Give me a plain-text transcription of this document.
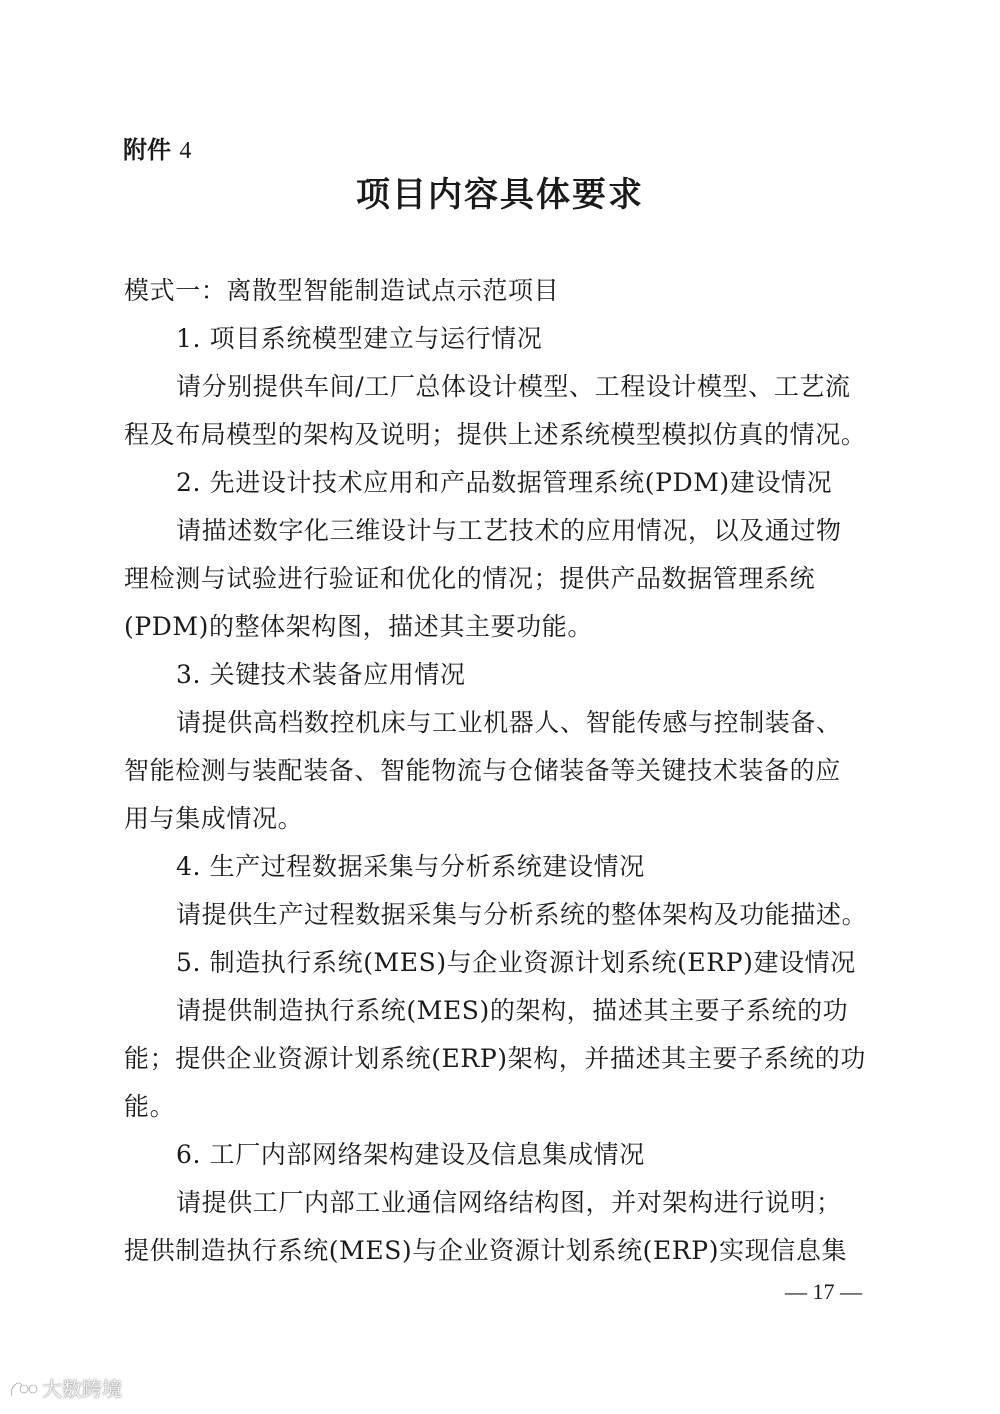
附件 4
项目内容具体要求
模式一：离散型智能制造试点示范项目
1. 项目系统模型建立与运行情况
请分别提供车间/工厂总体设计模型、工程设计模型、工艺流
程及布局模型的架构及说明；提供上述系统模型模拟仿真的情况。
2. 先进设计技术应用和产品数据管理系统(PDM)建设情况
请描述数字化三维设计与工艺技术的应用情况，以及通过物
理检测与试验进行验证和优化的情况；提供产品数据管理系统
(PDM)的整体架构图，描述其主要功能。
3. 关键技术装备应用情况
请提供高档数控机床与工业机器人、智能传感与控制装备、
智能检测与装配装备、智能物流与仓储装备等关键技术装备的应
用与集成情况。
4. 生产过程数据采集与分析系统建设情况
请提供生产过程数据采集与分析系统的整体架构及功能描述。
5. 制造执行系统(MES)与企业资源计划系统(ERP)建设情况
请提供制造执行系统(MES)的架构，描述其主要子系统的功
能；提供企业资源计划系统(ERP)架构，并描述其主要子系统的功
能。
6. 工厂内部网络架构建设及信息集成情况
请提供工厂内部工业通信网络结构图，并对架构进行说明；
提供制造执行系统(MES)与企业资源计划系统(ERP)实现信息集
— 17 —
大数跨境
